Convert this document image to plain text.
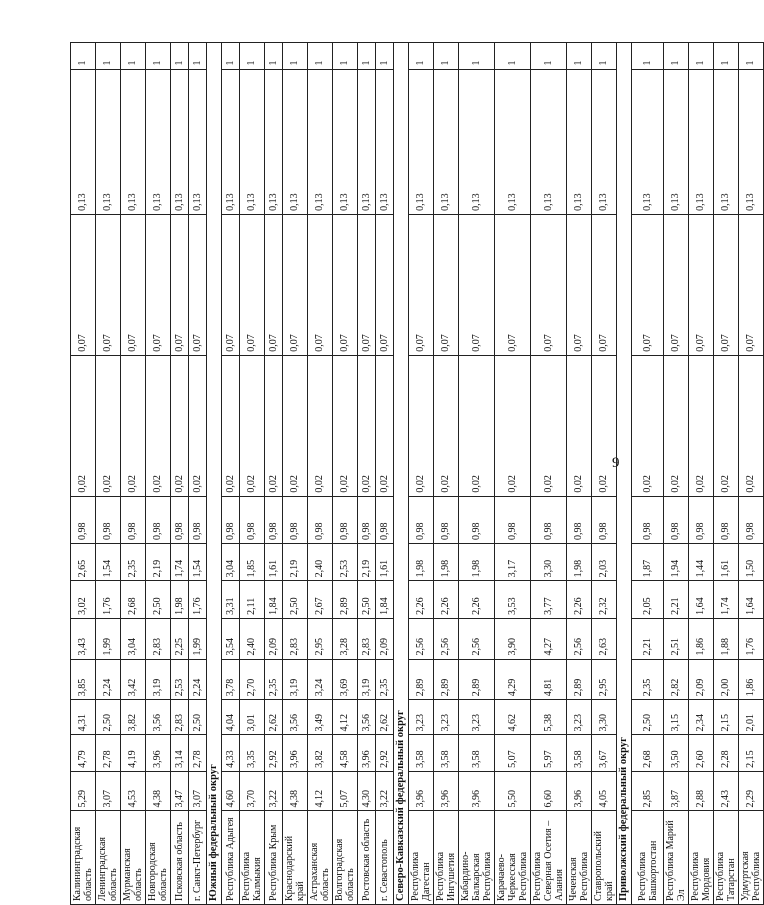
9
Калининградская область	5,29	4,79	4,31	3,85	3,43	3,02	2,65	0,98	0,02	0,07	0,13	1
Ленинградская область	3,07	2,78	2,50	2,24	1,99	1,76	1,54	0,98	0,02	0,07	0,13	1
Мурманская область	4,53	4,19	3,82	3,42	3,04	2,68	2,35	0,98	0,02	0,07	0,13	1
Новгородская область	4,38	3,96	3,56	3,19	2,83	2,50	2,19	0,98	0,02	0,07	0,13	1
Псковская область	3,47	3,14	2,83	2,53	2,25	1,98	1,74	0,98	0,02	0,07	0,13	1
г. Санкт-Петербург	3,07	2,78	2,50	2,24	1,99	1,76	1,54	0,98	0,02	0,07	0,13	1
Южный федеральный округ												
Республика Адыгея	4,60	4,33	4,04	3,78	3,54	3,31	3,04	0,98	0,02	0,07	0,13	1
Республика Калмыкия	3,70	3,35	3,01	2,70	2,40	2,11	1,85	0,98	0,02	0,07	0,13	1
Республика Крым	3,22	2,92	2,62	2,35	2,09	1,84	1,61	0,98	0,02	0,07	0,13	1
Краснодарский край	4,38	3,96	3,56	3,19	2,83	2,50	2,19	0,98	0,02	0,07	0,13	1
Астраханская область	4,12	3,82	3,49	3,24	2,95	2,67	2,40	0,98	0,02	0,07	0,13	1
Волгоградская область	5,07	4,58	4,12	3,69	3,28	2,89	2,53	0,98	0,02	0,07	0,13	1
Ростовская область	4,30	3,96	3,56	3,19	2,83	2,50	2,19	0,98	0,02	0,07	0,13	1
г. Севастополь	3,22	2,92	2,62	2,35	2,09	1,84	1,61	0,98	0,02	0,07	0,13	1
Северо-Кавказский федеральный округ												
Республика Дагестан	3,96	3,58	3,23	2,89	2,56	2,26	1,98	0,98	0,02	0,07	0,13	1
Республика Ингушетия	3,96	3,58	3,23	2,89	2,56	2,26	1,98	0,98	0,02	0,07	0,13	1
Кабардино-Балкарская Республика	3,96	3,58	3,23	2,89	2,56	2,26	1,98	0,98	0,02	0,07	0,13	1
Карачаево-Черкесская Республика	5,50	5,07	4,62	4,29	3,90	3,53	3,17	0,98	0,02	0,07	0,13	1
Республика Северная Осетия – Алания	6,60	5,97	5,38	4,81	4,27	3,77	3,30	0,98	0,02	0,07	0,13	1
Чеченская Республика	3,96	3,58	3,23	2,89	2,56	2,26	1,98	0,98	0,02	0,07	0,13	1
Ставропольский край	4,05	3,67	3,30	2,95	2,63	2,32	2,03	0,98	0,02	0,07	0,13	1
Приволжский федеральный округ												
Республика Башкортостан	2,85	2,68	2,50	2,35	2,21	2,05	1,87	0,98	0,02	0,07	0,13	1
Республика Марий Эл	3,87	3,50	3,15	2,82	2,51	2,21	1,94	0,98	0,02	0,07	0,13	1
Республика Мордовия	2,88	2,60	2,34	2,09	1,86	1,64	1,44	0,98	0,02	0,07	0,13	1
Республика Татарстан	2,43	2,28	2,15	2,00	1,88	1,74	1,61	0,98	0,02	0,07	0,13	1
Удмуртская Республика	2,29	2,15	2,01	1,86	1,76	1,64	1,50	0,98	0,02	0,07	0,13	1
